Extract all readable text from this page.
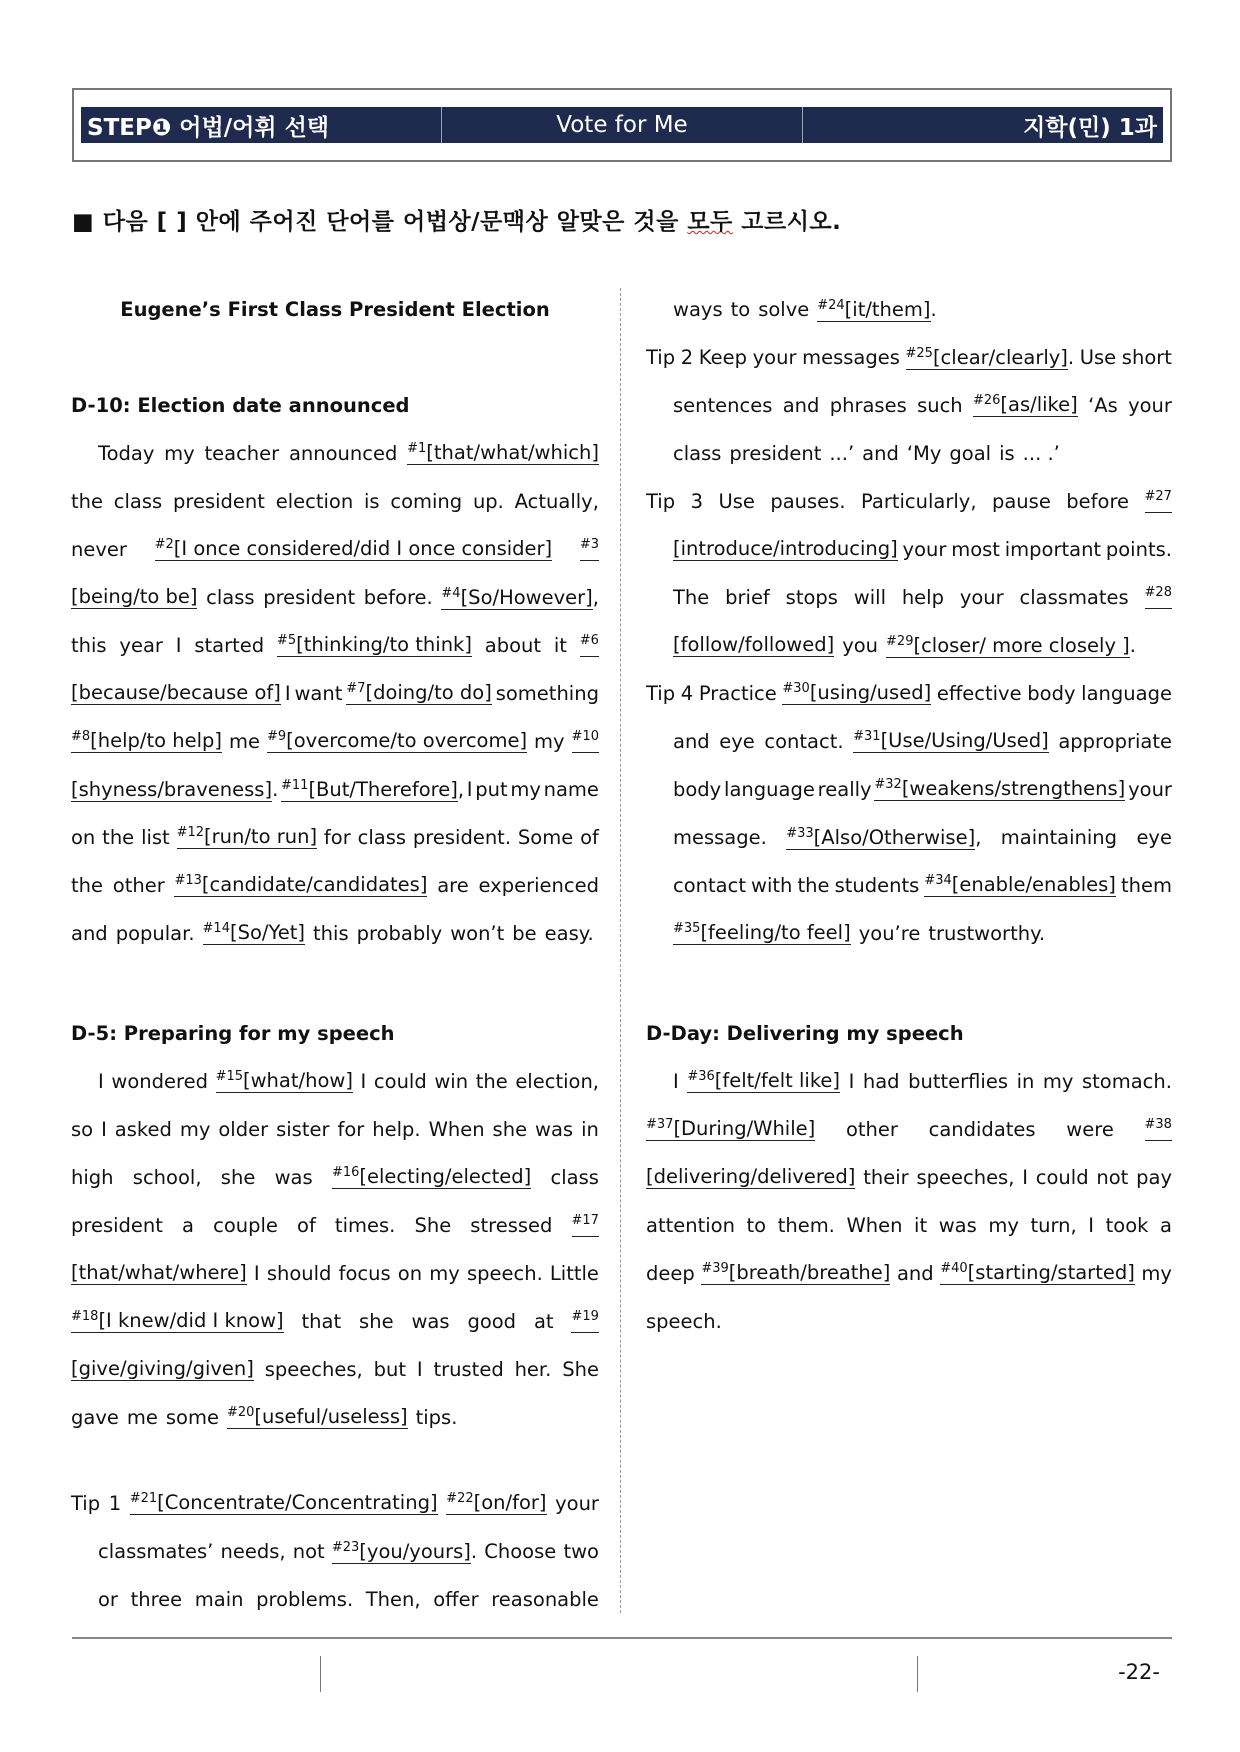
STEP❶ 어법/어휘 선택	Vote for Me	지학(민) 1과
■ 다음 [ ] 안에 주어진 단어를 어법상/문맥상 알맞은 것을 모두 고르시오.
Eugene’s First Class President Election
D-10: Election date announced
Today my teacher announced $^{\#1}$[that/what/which]
the class president election is coming up. Actually,
never $^{\#2}$[I once considered/did I once consider] $^{\#3}$
[being/to be] class president before. $^{\#4}$[So/However],
this year I started $^{\#5}$[thinking/to think] about it $^{\#6}$
[because/because of] I want $^{\#7}$[doing/to do] something
$^{\#8}$[help/to help] me $^{\#9}$[overcome/to overcome] my $^{\#10}$
[shyness/braveness]. $^{\#11}$[But/Therefore], I put my name
on the list $^{\#12}$[run/to run] for class president. Some of
the other $^{\#13}$[candidate/candidates] are experienced
and popular. $^{\#14}$[So/Yet] this probably won’t be easy.
D-5: Preparing for my speech
I wondered $^{\#15}$[what/how] I could win the election,
so I asked my older sister for help. When she was in
high school, she was $^{\#16}$[electing/elected] class
president a couple of times. She stressed $^{\#17}$
[that/what/where] I should focus on my speech. Little
$^{\#18}$[I knew/did I know] that she was good at $^{\#19}$
[give/giving/given] speeches, but I trusted her. She
gave me some $^{\#20}$[useful/useless] tips.
Tip 1 $^{\#21}$[Concentrate/Concentrating] $^{\#22}$[on/for] your
classmates’ needs, not $^{\#23}$[you/yours]. Choose two
or three main problems. Then, offer reasonable
ways to solve $^{\#24}$[it/them].
Tip 2 Keep your messages $^{\#25}$[clear/clearly]. Use short
sentences and phrases such $^{\#26}$[as/like] ‘As your
class president ...’ and ‘My goal is ... .’
Tip 3 Use pauses. Particularly, pause before $^{\#27}$
[introduce/introducing] your most important points.
The brief stops will help your classmates $^{\#28}$
[follow/followed] you $^{\#29}$[closer/ more closely ].
Tip 4 Practice $^{\#30}$[using/used] effective body language
and eye contact. $^{\#31}$[Use/Using/Used] appropriate
body language really $^{\#32}$[weakens/strengthens] your
message. $^{\#33}$[Also/Otherwise], maintaining eye
contact with the students $^{\#34}$[enable/enables] them
$^{\#35}$[feeling/to feel] you’re trustworthy.
D-Day: Delivering my speech
I $^{\#36}$[felt/felt like] I had butterflies in my stomach.
$^{\#37}$[During/While] other candidates were $^{\#38}$
[delivering/delivered] their speeches, I could not pay
attention to them. When it was my turn, I took a
deep $^{\#39}$[breath/breathe] and $^{\#40}$[starting/started] my
speech.
-22-
